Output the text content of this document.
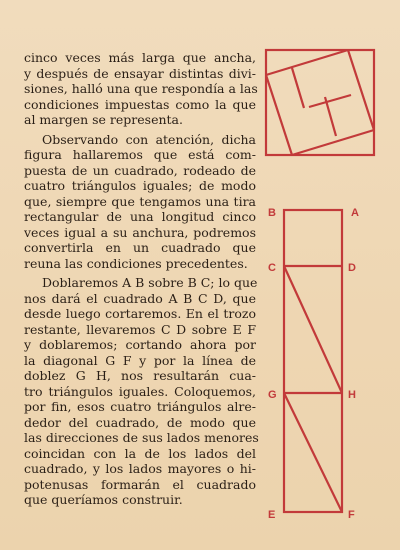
cinco veces más larga que ancha,
y después de ensayar distintas divi-
siones, halló una que respondía a las
condiciones impuestas como la que
al margen se representa.
Observando con atención, dicha
figura hallaremos que está com-
puesta de un cuadrado, rodeado de
cuatro triángulos iguales; de modo
que, siempre que tengamos una tira
rectangular de una longitud cinco
veces igual a su anchura, podremos
convertirla en un cuadrado que
reuna las condiciones precedentes.
Doblaremos A B sobre B C; lo que
nos dará el cuadrado A B C D, que
desde luego cortaremos. En el trozo
restante, llevaremos C D sobre E F
y doblaremos; cortando ahora por
la diagonal G F y por la línea de
doblez G H, nos resultarán cua-
tro triángulos iguales. Coloquemos,
por fin, esos cuatro triángulos alre-
dedor del cuadrado, de modo que
las direcciones de sus lados menores
coincidan con la de los lados del
cuadrado, y los lados mayores o hi-
potenusas formarán el cuadrado
que queríamos construir.
B	A
C	D
G	H
E	F
